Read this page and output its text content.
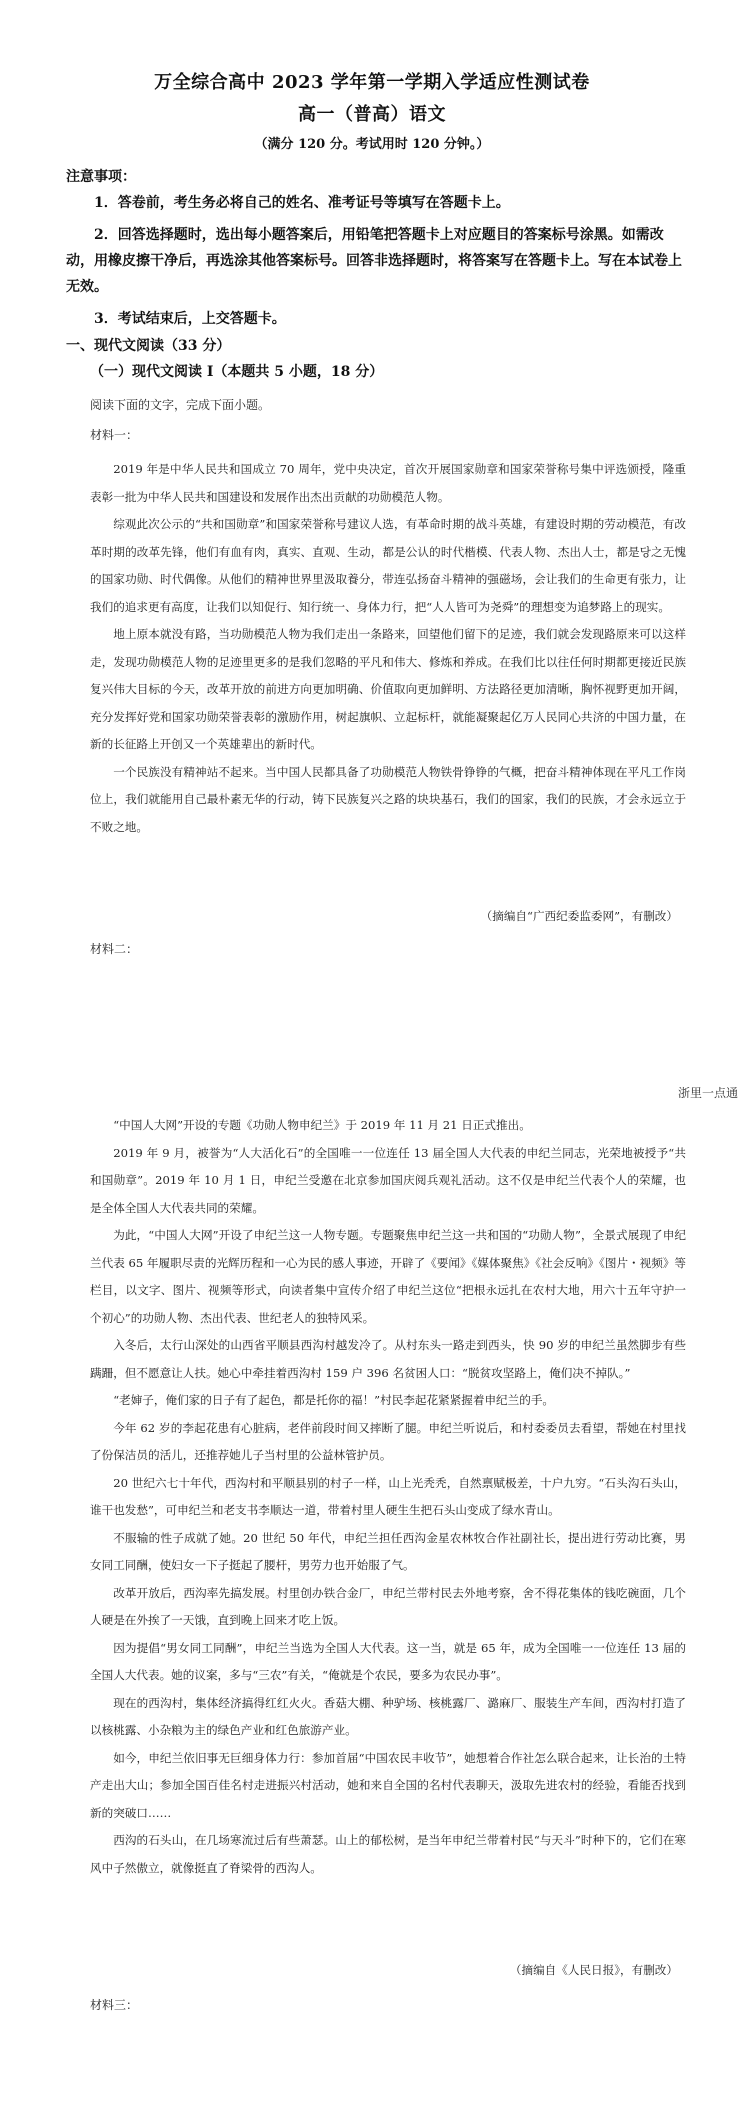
万全综合高中 2023 学年第一学期入学适应性测试卷
高一（普高）语文
（满分 120 分。考试用时 120 分钟。）
注意事项：
1．答卷前，考生务必将自己的姓名、准考证号等填写在答题卡上。
2．回答选择题时，选出每小题答案后，用铅笔把答题卡上对应题目的答案标号涂黑。如需改动，用橡皮擦干净后，再选涂其他答案标号。回答非选择题时，将答案写在答题卡上。写在本试卷上无效。
3．考试结束后，上交答题卡。
一、现代文阅读（33 分）
（一）现代文阅读 I（本题共 5 小题，18 分）
阅读下面的文字，完成下面小题。
材料一：

2019 年是中华人民共和国成立 70 周年，党中央决定，首次开展国家勋章和国家荣誉称号集中评选颁授，隆重表彰一批为中华人民共和国建设和发展作出杰出贡献的功勋模范人物。

综观此次公示的“共和国勋章”和国家荣誉称号建议人选，有革命时期的战斗英雄，有建设时期的劳动模范，有改革时期的改革先锋，他们有血有肉，真实、直观、生动，都是公认的时代楷模、代表人物、杰出人士，都是당之无愧的国家功勋、时代偶像。从他们的精神世界里汲取養分，带连弘扬奋斗精神的强磁场，会让我们的生命更有张力，让我们的追求更有高度，让我们以知促行、知行统一、身体力行，把“人人皆可为尧舜”的理想变为追梦路上的现实。

地上原本就没有路，当功勋模范人物为我们走出一条路来，回望他们留下的足迹，我们就会发现路原来可以这样走，发现功勋模范人物的足迹里更多的是我们忽略的平凡和伟大、修炼和养成。在我们比以往任何时期都更接近民族复兴伟大目标的今天，改革开放的前进方向更加明确、价值取向更加鲜明、方法路径更加清晰，胸怀视野更加开阔，充分发挥好党和国家功勋荣誉表彰的激励作用，树起旗帜、立起标杆，就能凝聚起亿万人民同心共济的中国力量，在新的长征路上开创又一个英雄辈出的新时代。

一个民族没有精神站不起来。当中国人民都具备了功勋模范人物铁骨铮铮的气概，把奋斗精神体现在平凡工作岗位上，我们就能用自己最朴素无华的行动，铸下民族复兴之路的块块基石，我们的国家，我们的民族，才会永远立于不败之地。

（摘编自“广西纪委监委网”，有删改）
材料二：
浙里一点通

“中国人大网”开设的专题《功勋人物申纪兰》于 2019 年 11 月 21 日正式推出。

2019 年 9 月，被誉为“人大活化石”的全国唯一一位连任 13 届全国人大代表的申纪兰同志，光荣地被授予“共和国勋章”。2019 年 10 月 1 日，申纪兰受邀在北京参加国庆阅兵观礼活动。这不仅是申纪兰代表个人的荣耀，也是全体全国人大代表共同的荣耀。

为此，“中国人大网”开设了申纪兰这一人物专题。专题聚焦申纪兰这一共和国的“功勋人物”，全景式展现了申纪兰代表 65 年履职尽责的光辉历程和一心为民的感人事迹，开辟了《要闻》《媒体聚焦》《社会反响》《图片・视频》等栏目，以文字、图片、视频等形式，向读者集中宣传介绍了申纪兰这位“把根永远扎在农村大地，用六十五年守护一个初心”的功勋人物、杰出代表、世纪老人的独特风采。

入冬后，太行山深处的山西省平顺县西沟村越发冷了。从村东头一路走到西头，快 90 岁的申纪兰虽然脚步有些蹒跚，但不愿意让人扶。她心中牵挂着西沟村 159 户 396 名贫困人口：“脱贫攻坚路上，俺们决不掉队。”

“老婶子，俺们家的日子有了起色，都是托你的福！”村民李起花紧紧握着申纪兰的手。

今年 62 岁的李起花患有心脏病，老伴前段时间又摔断了腿。申纪兰听说后，和村委委员去看望，帮她在村里找了份保洁员的活儿，还推荐她儿子当村里的公益林管护员。

20 世纪六七十年代，西沟村和平顺县别的村子一样，山上光秃秃，自然禀赋极差，十户九穷。“石头沟石头山，谁干也发愁”，可申纪兰和老支书李顺达一道，带着村里人硬生生把石头山变成了绿水青山。

不服输的性子成就了她。20 世纪 50 年代，申纪兰担任西沟金星农林牧合作社副社长，提出进行劳动比赛，男女同工同酬，使妇女一下子挺起了腰杆，男劳力也开始服了气。

改革开放后，西沟率先搞发展。村里创办铁合金厂，申纪兰带村民去外地考察，舍不得花集体的钱吃碗面，几个人硬是在外挨了一天饿，直到晚上回来才吃上饭。

因为提倡“男女同工同酬”，申纪兰当选为全国人大代表。这一当，就是 65 年，成为全国唯一一位连任 13 届的全国人大代表。她的议案，多与“三农”有关，“俺就是个农民，要多为农民办事”。

现在的西沟村，集体经济搞得红红火火。香菇大棚、种驴场、核桃露厂、潞麻厂、服装生产车间，西沟村打造了以核桃露、小杂粮为主的绿色产业和红色旅游产业。

如今，申纪兰依旧事无巨细身体力行：参加首届“中国农民丰收节”，她想着合作社怎么联合起来，让长治的土特产走出大山；参加全国百佳名村走进振兴村活动，她和来自全国的名村代表聊天，汲取先进农村的经验，看能否找到新的突破口……

西沟的石头山，在几场寒流过后有些萧瑟。山上的郁松树，是当年申纪兰带着村民“与天斗”时种下的，它们在寒风中子然傲立，就像挺直了脊梁骨的西沟人。

（摘编自《人民日报》，有删改）
材料三：
